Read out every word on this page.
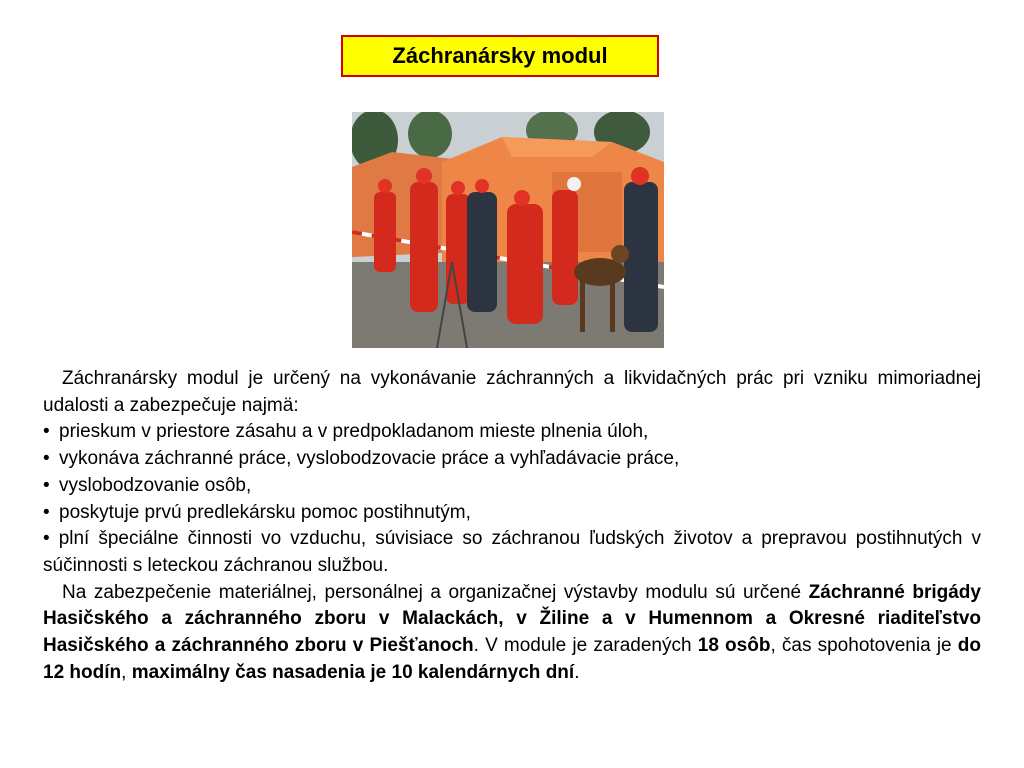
Záchranársky modul

Záchranársky modul je určený na vykonávanie záchranných a likvidačných prác pri vzniku mimoriadnej udalosti a zabezpečuje najmä:

• prieskum v priestore zásahu a v predpokladanom mieste plnenia úloh,
• vykonáva záchranné práce, vyslobodzovacie práce a vyhľadávacie práce,
• vyslobodzovanie osôb,
• poskytuje prvú predlekársku pomoc postihnutým,

• plní špeciálne činnosti vo vzduchu, súvisiace so záchranou ľudských životov a prepravou postihnutých v súčinnosti s leteckou záchranou službou.

Na zabezpečenie materiálnej, personálnej a organizačnej výstavby modulu sú určené Záchranné brigády Hasičského a záchranného zboru v Malackách, v Žiline a v Humennom a Okresné riaditeľstvo Hasičského a záchranného zboru v Piešťanoch. V module je zaradených 18 osôb, čas spohotovenia je do 12 hodín, maximálny čas nasadenia je 10 kalendárnych dní.
